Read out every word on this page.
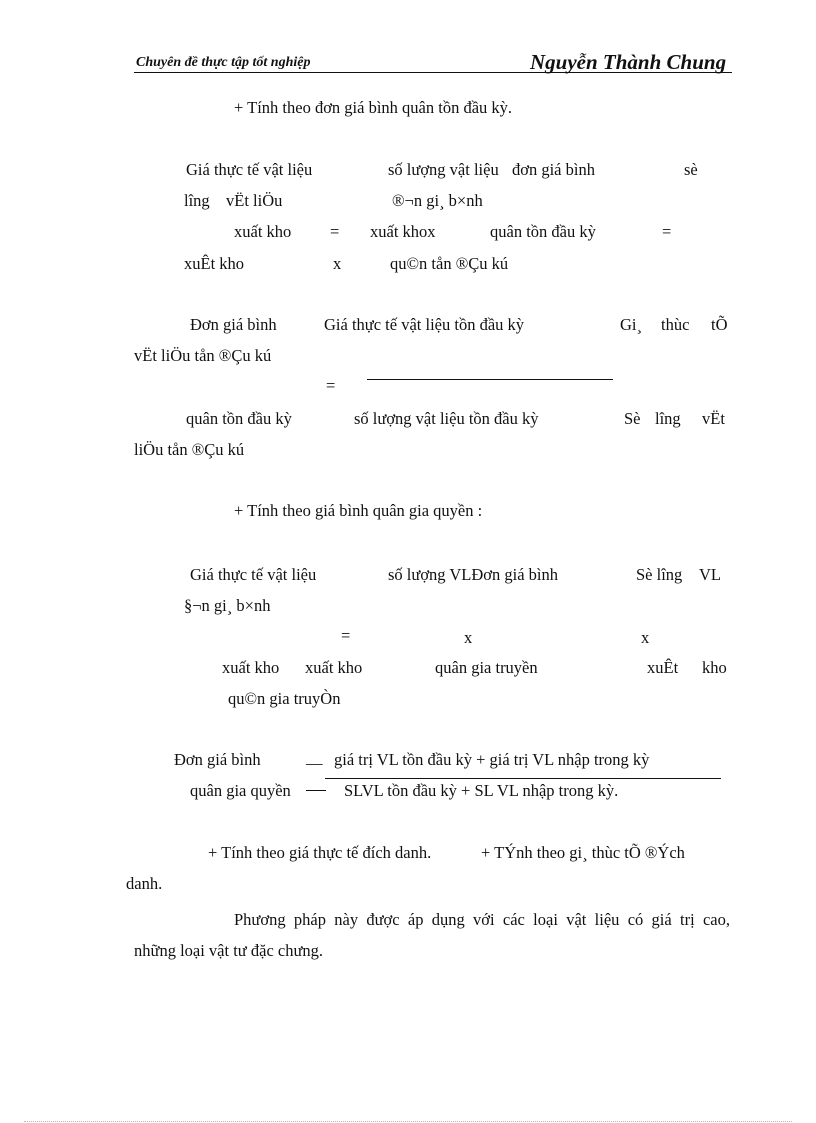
Chuyên đề thực tập tốt nghiệp	Nguyễn Thành Chung
+ Tính theo đơn giá bình quân tồn đầu kỳ.
Giá thực tế vật liệu	số lượng vật liệu đơn giá bình	sè
lîng vËt liÖu	®¬n gi¸ b×nh
xuất kho = xuất khox	quân tồn đầu kỳ	=
xuÊt kho	x	qu©n tån ®Çu kú
Đơn giá bình	Giá thực tế vật liệu tồn đầu kỳ	Gi¸ thùc tÕ
vËt liÖu tån ®Çu kú
=
quân tồn đầu kỳ	số lượng vật liệu tồn đầu kỳ	Sè lîng vËt
liÖu tån ®Çu kú
+ Tính theo giá bình quân gia quyền :
Giá thực tế vật liệu	số lượng VLĐơn giá bình	Sè lîng VL
§¬n gi¸ b×nh
=	x	x
xuất kho xuất kho	quân gia truyền	xuÊt kho
qu©n gia truyÒn
Đơn giá bình	__ giá trị VL tồn đầu kỳ + giá trị VL nhập trong kỳ
quân gia quyền	SLVL tồn đầu kỳ + SL VL nhập trong kỳ.
+ Tính theo giá thực tế đích danh.	+ TÝnh theo gi¸ thùc tÕ ®Ých
danh.
Phương pháp này được áp dụng với các loại vật liệu có giá trị cao,
những loại vật tư đặc chưng.
